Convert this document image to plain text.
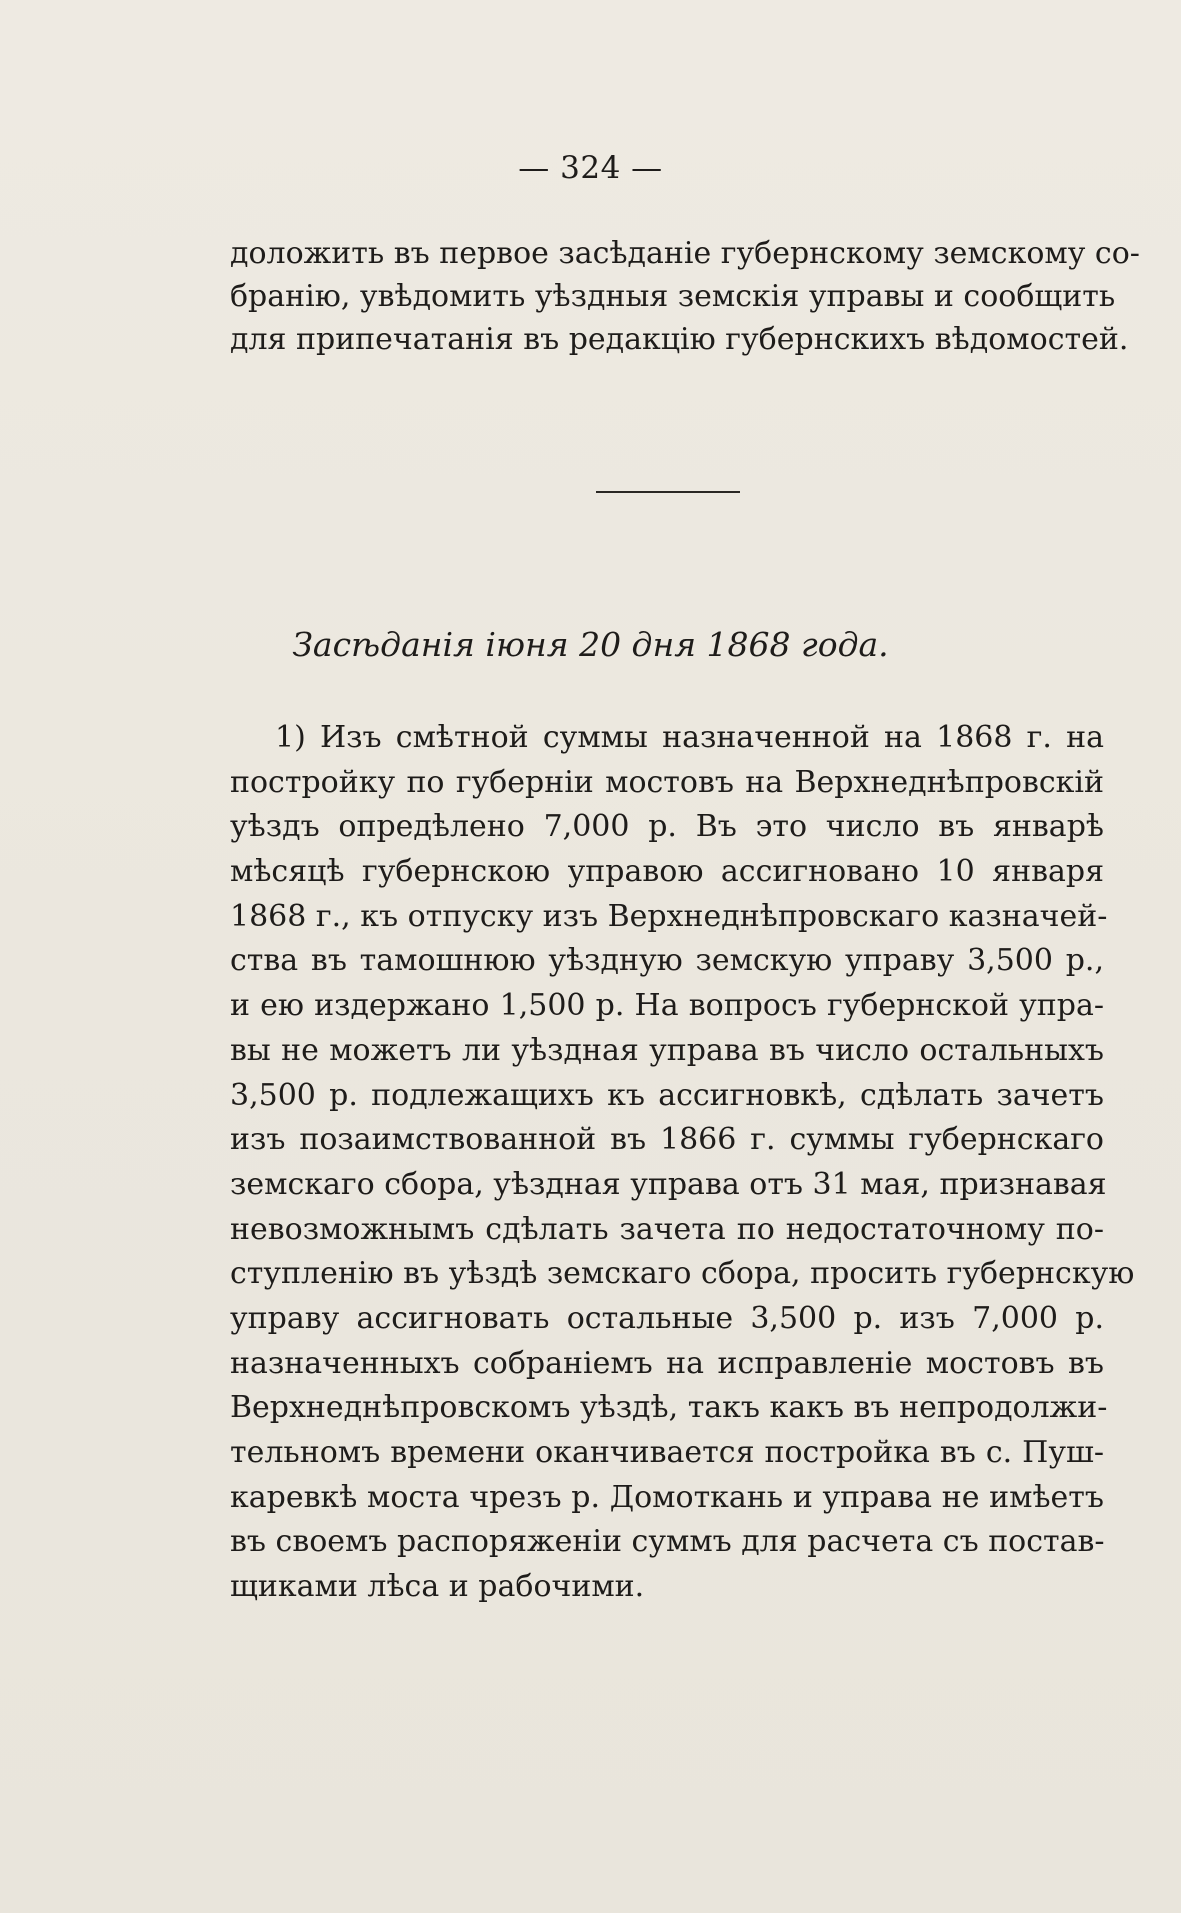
— 324 —
доложить въ первое засѣданіе губернскому земскому со-
бранію, увѣдомить уѣздныя земскія управы и сообщить
для припечатанія въ редакцію губернскихъ вѣдомостей.
Засѣданія іюня 20 дня 1868 года.
1) Изъ смѣтной суммы назначенной на 1868 г. на
постройку по губерніи мостовъ на Верхнеднѣпровскій
уѣздъ опредѣлено 7,000 р. Въ это число въ январѣ
мѣсяцѣ губернскою управою ассигновано 10 января
1868 г., къ отпуску изъ Верхнеднѣпровскаго казначей-
ства въ тамошнюю уѣздную земскую управу 3,500 р.,
и ею издержано 1,500 р. На вопросъ губернской упра-
вы не можетъ ли уѣздная управа въ число остальныхъ
3,500 р. подлежащихъ къ ассигновкѣ, сдѣлать зачетъ
изъ позаимствованной въ 1866 г. суммы губернскаго
земскаго сбора, уѣздная управа отъ 31 мая, признавая
невозможнымъ сдѣлать зачета по недостаточному по-
ступленію въ уѣздѣ земскаго сбора, просить губернскую
управу ассигновать остальные 3,500 р. изъ 7,000 р.
назначенныхъ собраніемъ на исправленіе мостовъ въ
Верхнеднѣпровскомъ уѣздѣ, такъ какъ въ непродолжи-
тельномъ времени оканчивается постройка въ с. Пуш-
каревкѣ моста чрезъ р. Домоткань и управа не имѣетъ
въ своемъ распоряженіи суммъ для расчета съ постав-
щиками лѣса и рабочими.
